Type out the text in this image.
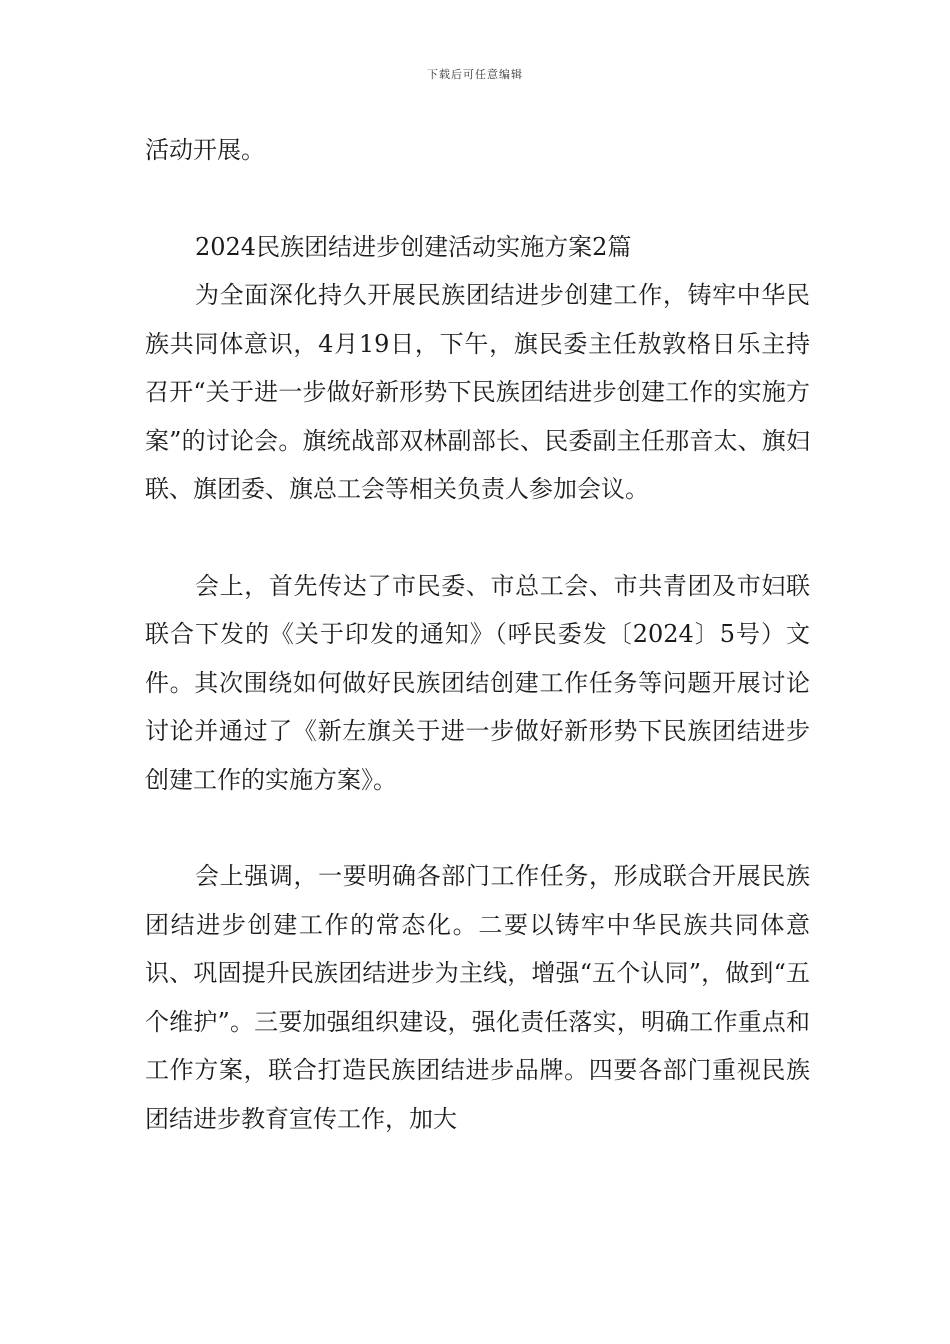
下载后可任意编辑

活动开展。

2024民族团结进步创建活动实施方案2篇

为全面深化持久开展民族团结进步创建工作，铸牢中华民族共同体意识，4月19日，下午，旗民委主任敖敦格日乐主持召开“关于进一步做好新形势下民族团结进步创建工作的实施方案”的讨论会。旗统战部双林副部长、民委副主任那音太、旗妇联、旗团委、旗总工会等相关负责人参加会议。

会上，首先传达了市民委、市总工会、市共青团及市妇联联合下发的《关于印发的通知》（呼民委发〔2024〕5号）文件。其次围绕如何做好民族团结创建工作任务等问题开展讨论讨论并通过了《新左旗关于进一步做好新形势下民族团结进步创建工作的实施方案》。

会上强调，一要明确各部门工作任务，形成联合开展民族团结进步创建工作的常态化。二要以铸牢中华民族共同体意识、巩固提升民族团结进步为主线，增强“五个认同”，做到“五个维护”。三要加强组织建设，强化责任落实，明确工作重点和工作方案，联合打造民族团结进步品牌。四要各部门重视民族团结进步教育宣传工作，加大
